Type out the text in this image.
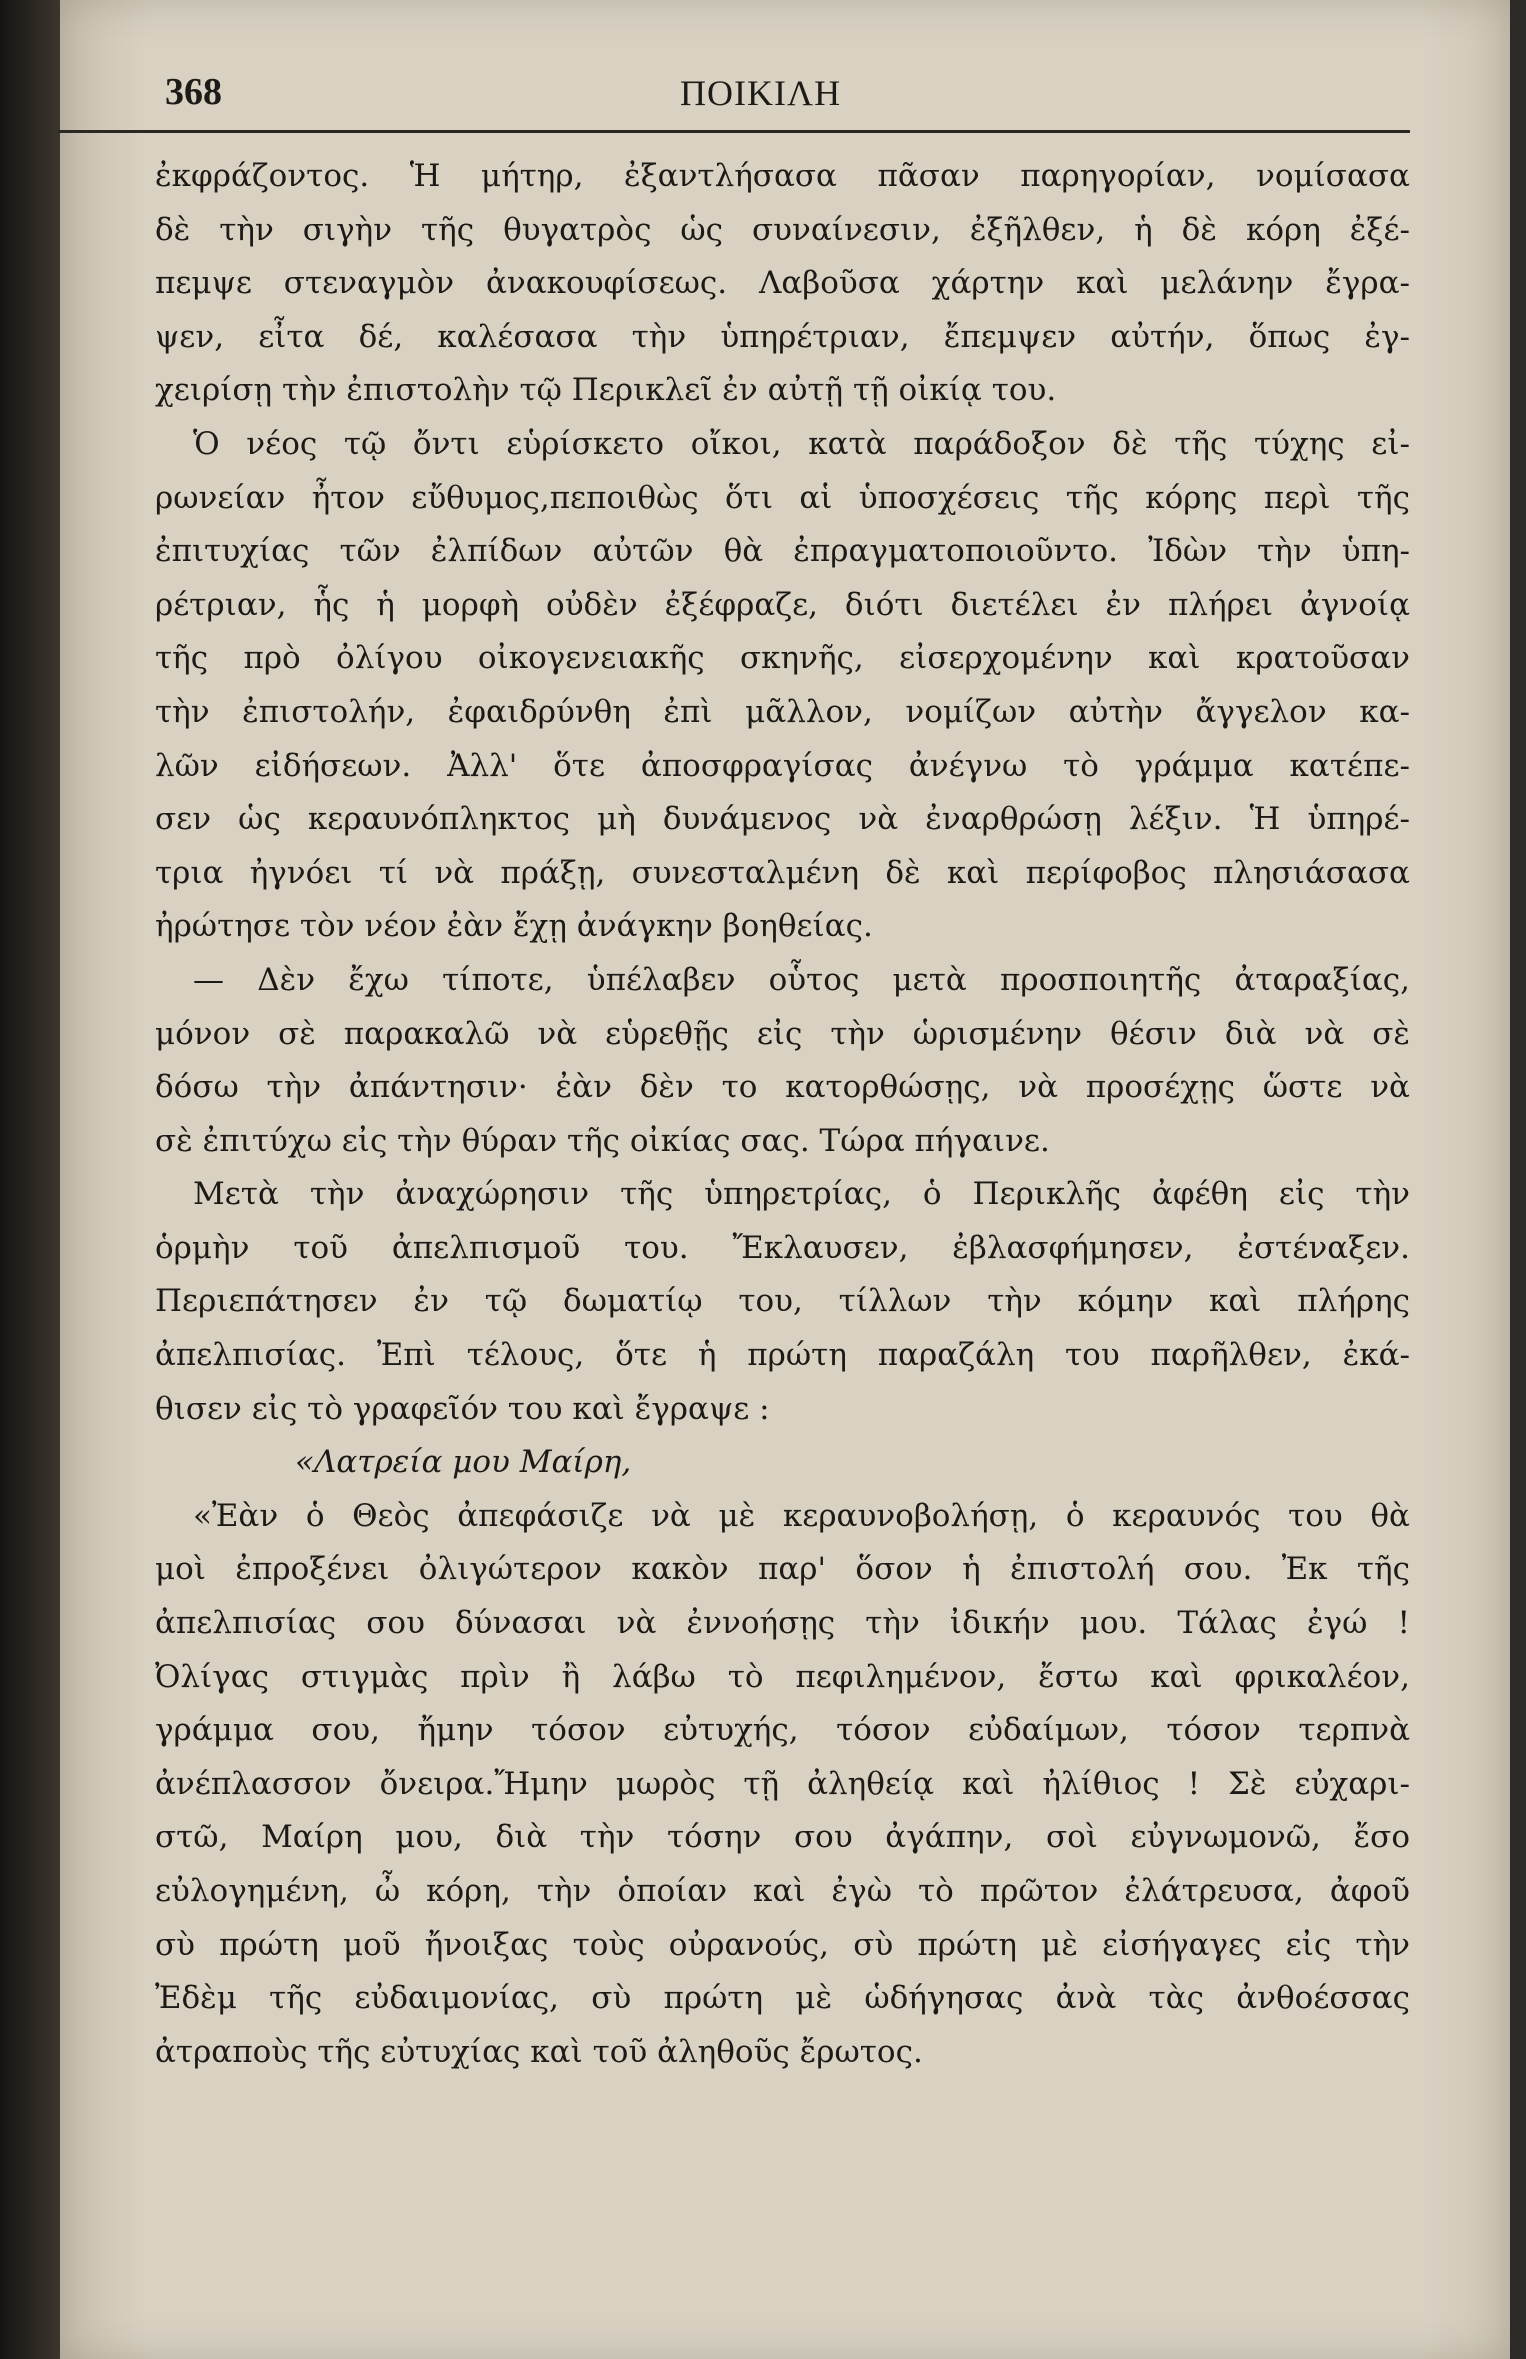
368	ΠΟΙΚΙΛΗ
ἐκφράζοντος. Ἡ μήτηρ, ἐξαντλήσασα πᾶσαν παρηγορίαν, νομίσασα
δὲ τὴν σιγὴν τῆς θυγατρὸς ὡς συναίνεσιν, ἐξῆλθεν, ἡ δὲ κόρη ἐξέ-
πεμψε στεναγμὸν ἀνακουφίσεως. Λαβοῦσα χάρτην καὶ μελάνην ἔγρα-
ψεν, εἶτα δέ, καλέσασα τὴν ὑπηρέτριαν, ἔπεμψεν αὐτήν, ὅπως ἐγ-
χειρίσῃ τὴν ἐπιστολὴν τῷ Περικλεῖ ἐν αὐτῇ τῇ οἰκίᾳ του.
Ὁ νέος τῷ ὄντι εὑρίσκετο οἴκοι, κατὰ παράδοξον δὲ τῆς τύχης εἰ-
ρωνείαν ἦτον εὔθυμος,πεποιθὼς ὅτι αἱ ὑποσχέσεις τῆς κόρης περὶ τῆς
ἐπιτυχίας τῶν ἐλπίδων αὐτῶν θὰ ἐπραγματοποιοῦντο. Ἰδὼν τὴν ὑπη-
ρέτριαν, ἧς ἡ μορφὴ οὐδὲν ἐξέφραζε, διότι διετέλει ἐν πλήρει ἀγνοίᾳ
τῆς πρὸ ὀλίγου οἰκογενειακῆς σκηνῆς, εἰσερχομένην καὶ κρατοῦσαν
τὴν ἐπιστολήν, ἐφαιδρύνθη ἐπὶ μᾶλλον, νομίζων αὐτὴν ἄγγελον κα-
λῶν εἰδήσεων. Ἀλλ' ὅτε ἀποσφραγίσας ἀνέγνω τὸ γράμμα κατέπε-
σεν ὡς κεραυνόπληκτος μὴ δυνάμενος νὰ ἐναρθρώσῃ λέξιν. Ἡ ὑπηρέ-
τρια ἠγνόει τί νὰ πράξῃ, συνεσταλμένη δὲ καὶ περίφοβος πλησιάσασα
ἠρώτησε τὸν νέον ἐὰν ἔχῃ ἀνάγκην βοηθείας.
— Δὲν ἔχω τίποτε, ὑπέλαβεν οὗτος μετὰ προσποιητῆς ἀταραξίας,
μόνον σὲ παρακαλῶ νὰ εὑρεθῇς εἰς τὴν ὡρισμένην θέσιν διὰ νὰ σὲ
δόσω τὴν ἀπάντησιν· ἐὰν δὲν το κατορθώσῃς, νὰ προσέχῃς ὥστε νὰ
σὲ ἐπιτύχω εἰς τὴν θύραν τῆς οἰκίας σας. Τώρα πήγαινε.
Μετὰ τὴν ἀναχώρησιν τῆς ὑπηρετρίας, ὁ Περικλῆς ἀφέθη εἰς τὴν
ὁρμὴν τοῦ ἀπελπισμοῦ του. Ἔκλαυσεν, ἐβλασφήμησεν, ἐστέναξεν.
Περιεπάτησεν ἐν τῷ δωματίῳ του, τίλλων τὴν κόμην καὶ πλήρης
ἀπελπισίας. Ἐπὶ τέλους, ὅτε ἡ πρώτη παραζάλη του παρῆλθεν, ἐκά-
θισεν εἰς τὸ γραφεῖόν του καὶ ἔγραψε :
«Λατρεία μου Μαίρη,
«Ἐὰν ὁ Θεὸς ἀπεφάσιζε νὰ μὲ κεραυνοβολήσῃ, ὁ κεραυνός του θὰ
μοὶ ἐπροξένει ὀλιγώτερον κακὸν παρ' ὅσον ἡ ἐπιστολή σου. Ἐκ τῆς
ἀπελπισίας σου δύνασαι νὰ ἐννοήσῃς τὴν ἰδικήν μου. Τάλας ἐγώ !
Ὀλίγας στιγμὰς πρὶν ἢ λάβω τὸ πεφιλημένον, ἔστω καὶ φρικαλέον,
γράμμα σου, ἤμην τόσον εὐτυχής, τόσον εὐδαίμων, τόσον τερπνὰ
ἀνέπλασσον ὄνειρα.Ἤμην μωρὸς τῇ ἀληθείᾳ καὶ ἠλίθιος ! Σὲ εὐχαρι-
στῶ, Μαίρη μου, διὰ τὴν τόσην σου ἀγάπην, σοὶ εὐγνωμονῶ, ἔσο
εὐλογημένη, ὦ κόρη, τὴν ὁποίαν καὶ ἐγὼ τὸ πρῶτον ἐλάτρευσα, ἀφοῦ
σὺ πρώτη μοῦ ἤνοιξας τοὺς οὐρανούς, σὺ πρώτη μὲ εἰσήγαγες εἰς τὴν
Ἐδὲμ τῆς εὐδαιμονίας, σὺ πρώτη μὲ ὡδήγησας ἀνὰ τὰς ἀνθοέσσας
ἀτραποὺς τῆς εὐτυχίας καὶ τοῦ ἀληθοῦς ἔρωτος.
